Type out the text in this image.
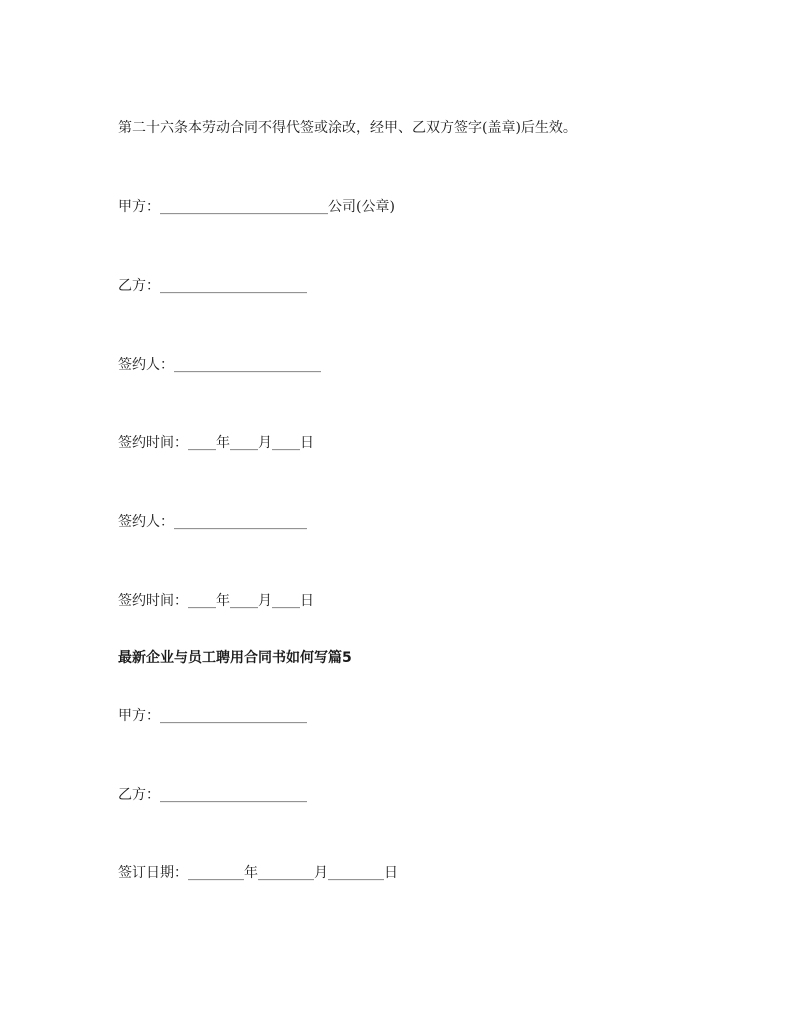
第二十六条本劳动合同不得代签或涂改，经甲、乙双方签字(盖章)后生效。
甲方：________________________公司(公章)
乙方：_____________________
签约人：_____________________
签约时间：____年____月____日
签约人：___________________
签约时间：____年____月____日
最新企业与员工聘用合同书如何写篇5
甲方：_____________________
乙方：_____________________
签订日期：________年________月________日
